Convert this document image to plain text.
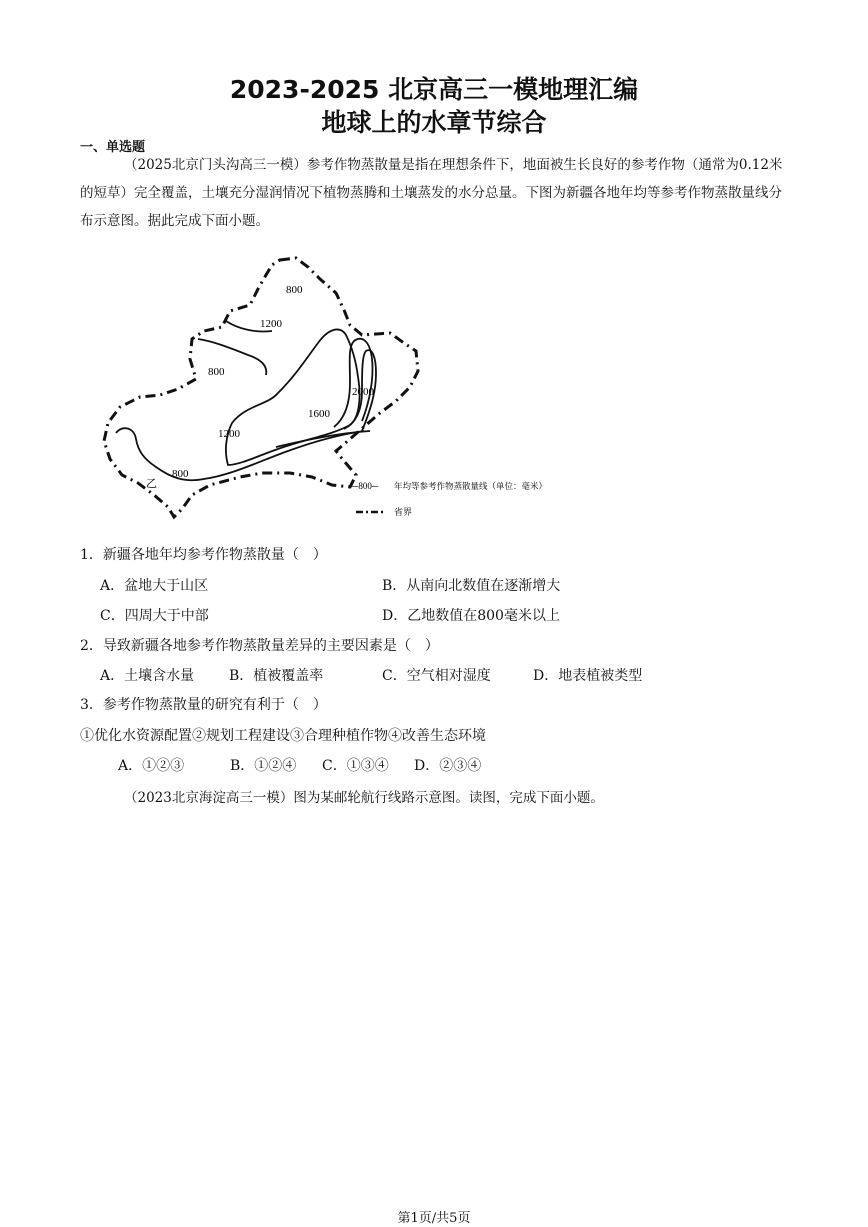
2023-2025 北京高三一模地理汇编
地球上的水章节综合
一、单选题
（2025北京门头沟高三一模）参考作物蒸散量是指在理想条件下，地面被生长良好的参考作物（通常为0.12米的短草）完全覆盖，土壤充分湿润情况下植物蒸腾和土壤蒸发的水分总量。下图为新疆各地年均等参考作物蒸散量线分布示意图。据此完成下面小题。
800
1200
800
2000
1600
1200
800
乙	─800─ 年均等参考作物蒸散量线（单位：毫米）
省界
1．新疆各地年均参考作物蒸散量（　）
A．盆地大于山区	B．从南向北数值在逐渐增大
C．四周大于中部	D．乙地数值在800毫米以上
2．导致新疆各地参考作物蒸散量差异的主要因素是（　）
A．土壤含水量 B．植被覆盖率	C．空气相对湿度	D．地表植被类型
3．参考作物蒸散量的研究有利于（　）
①优化水资源配置②规划工程建设③合理种植作物④改善生态环境
A．①②③	B．①②④ C．①③④ D．②③④
（2023北京海淀高三一模）图为某邮轮航行线路示意图。读图，完成下面小题。
第1页/共5页
